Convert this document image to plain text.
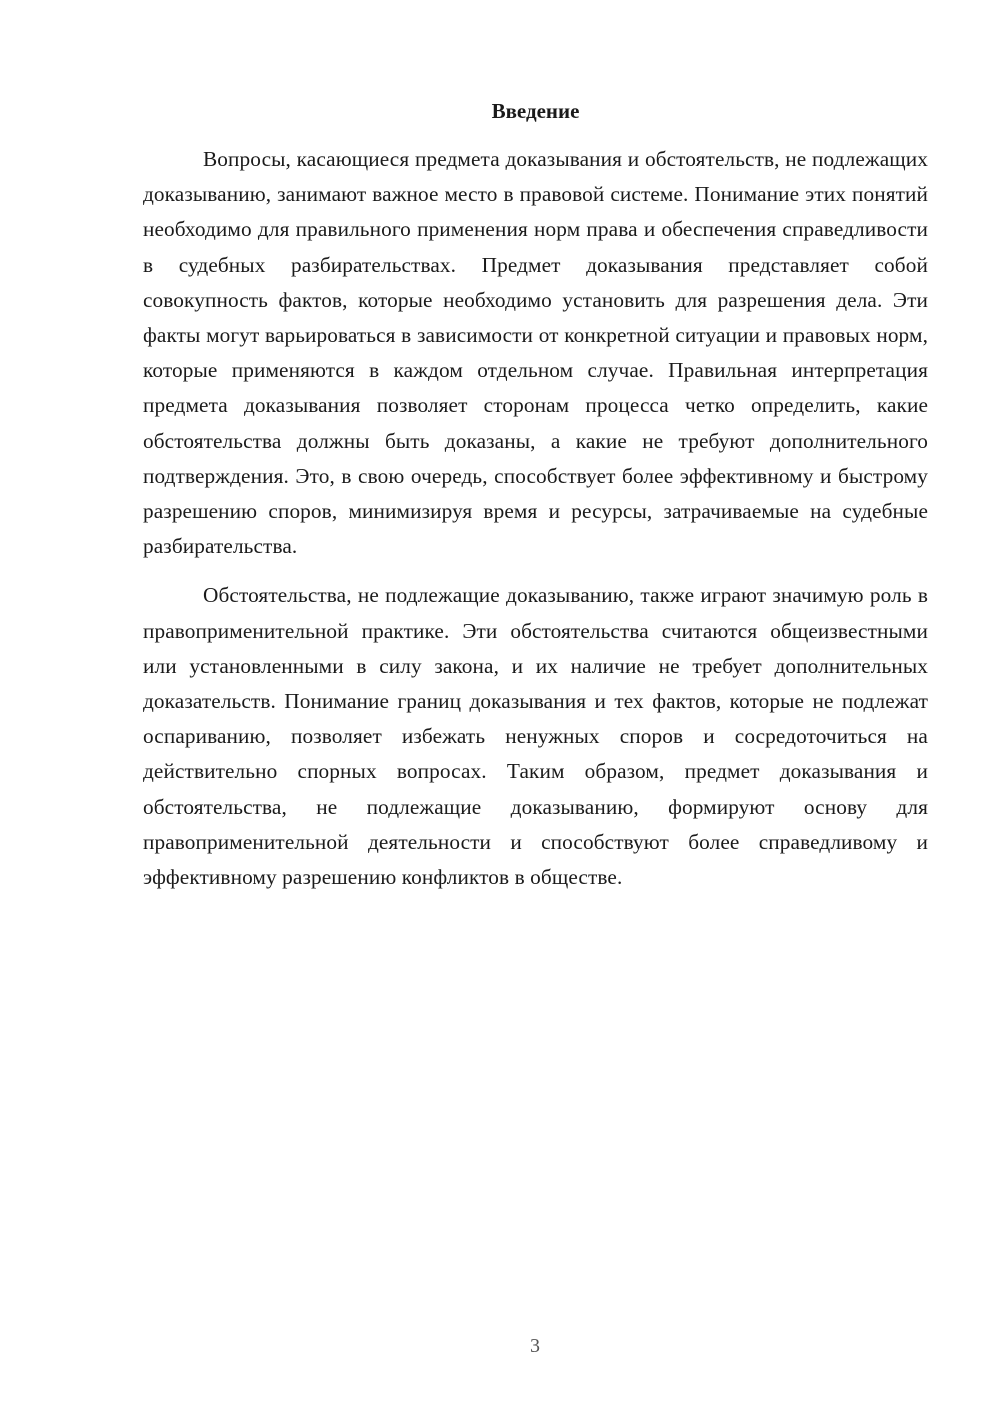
Введение

Вопросы, касающиеся предмета доказывания и обстоятельств, не подлежащих доказыванию, занимают важное место в правовой системе. Понимание этих понятий необходимо для правильного применения норм права и обеспечения справедливости в судебных разбирательствах. Предмет доказывания представляет собой совокупность фактов, которые необходимо установить для разрешения дела. Эти факты могут варьироваться в зависимости от конкретной ситуации и правовых норм, которые применяются в каждом отдельном случае. Правильная интерпретация предмета доказывания позволяет сторонам процесса четко определить, какие обстоятельства должны быть доказаны, а какие не требуют дополнительного подтверждения. Это, в свою очередь, способствует более эффективному и быстрому разрешению споров, минимизируя время и ресурсы, затрачиваемые на судебные разбирательства.

Обстоятельства, не подлежащие доказыванию, также играют значимую роль в правоприменительной практике. Эти обстоятельства считаются общеизвестными или установленными в силу закона, и их наличие не требует дополнительных доказательств. Понимание границ доказывания и тех фактов, которые не подлежат оспариванию, позволяет избежать ненужных споров и сосредоточиться на действительно спорных вопросах. Таким образом, предмет доказывания и обстоятельства, не подлежащие доказыванию, формируют основу для правоприменительной деятельности и способствуют более справедливому и эффективному разрешению конфликтов в обществе.

3
